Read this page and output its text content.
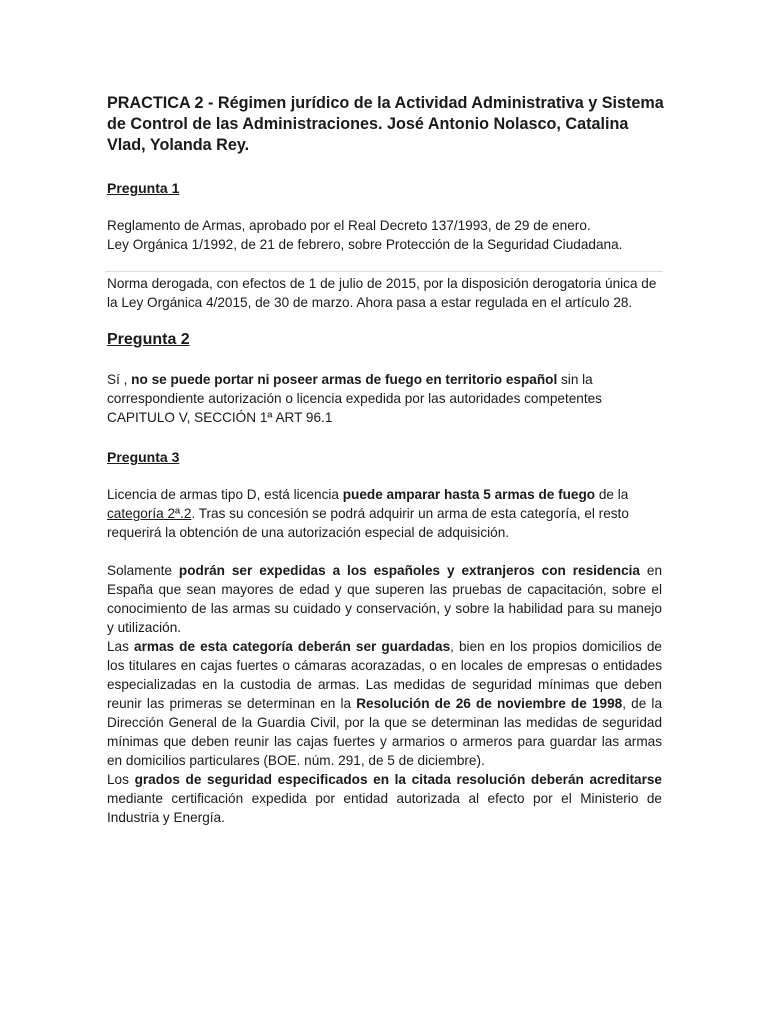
PRACTICA 2 - Régimen jurídico de la Actividad Administrativa y Sistema de Control de las Administraciones. José Antonio Nolasco, Catalina Vlad, Yolanda Rey.
Pregunta 1

Reglamento de Armas, aprobado por el Real Decreto 137/1993, de 29 de enero.

Ley Orgánica 1/1992, de 21 de febrero, sobre Protección de la Seguridad Ciudadana.

Norma derogada, con efectos de 1 de julio de 2015, por la disposición derogatoria única de la Ley Orgánica 4/2015, de 30 de marzo. Ahora pasa a estar regulada en el artículo 28.
Pregunta 2

Sí , no se puede portar ni poseer armas de fuego en territorio español sin la correspondiente autorización o licencia expedida por las autoridades competentes

CAPITULO V, SECCIÓN 1ª ART 96.1

Pregunta 3
Licencia de armas tipo D, está licencia puede amparar hasta 5 armas de fuego de la categoría 2ª.2. Tras su concesión se podrá adquirir un arma de esta categoría, el resto requerirá la obtención de una autorización especial de adquisición.

Solamente podrán ser expedidas a los españoles y extranjeros con residencia en España que sean mayores de edad y que superen las pruebas de capacitación, sobre el conocimiento de las armas su cuidado y conservación, y sobre la habilidad para su manejo y utilización.

Las armas de esta categoría deberán ser guardadas, bien en los propios domicilios de los titulares en cajas fuertes o cámaras acorazadas, o en locales de empresas o entidades especializadas en la custodia de armas. Las medidas de seguridad mínimas que deben reunir las primeras se determinan en la Resolución de 26 de noviembre de 1998, de la Dirección General de la Guardia Civil, por la que se determinan las medidas de seguridad mínimas que deben reunir las cajas fuertes y armarios o armeros para guardar las armas en domicilios particulares (BOE. núm. 291, de 5 de diciembre).

Los grados de seguridad especificados en la citada resolución deberán acreditarse mediante certificación expedida por entidad autorizada al efecto por el Ministerio de Industria y Energía.
